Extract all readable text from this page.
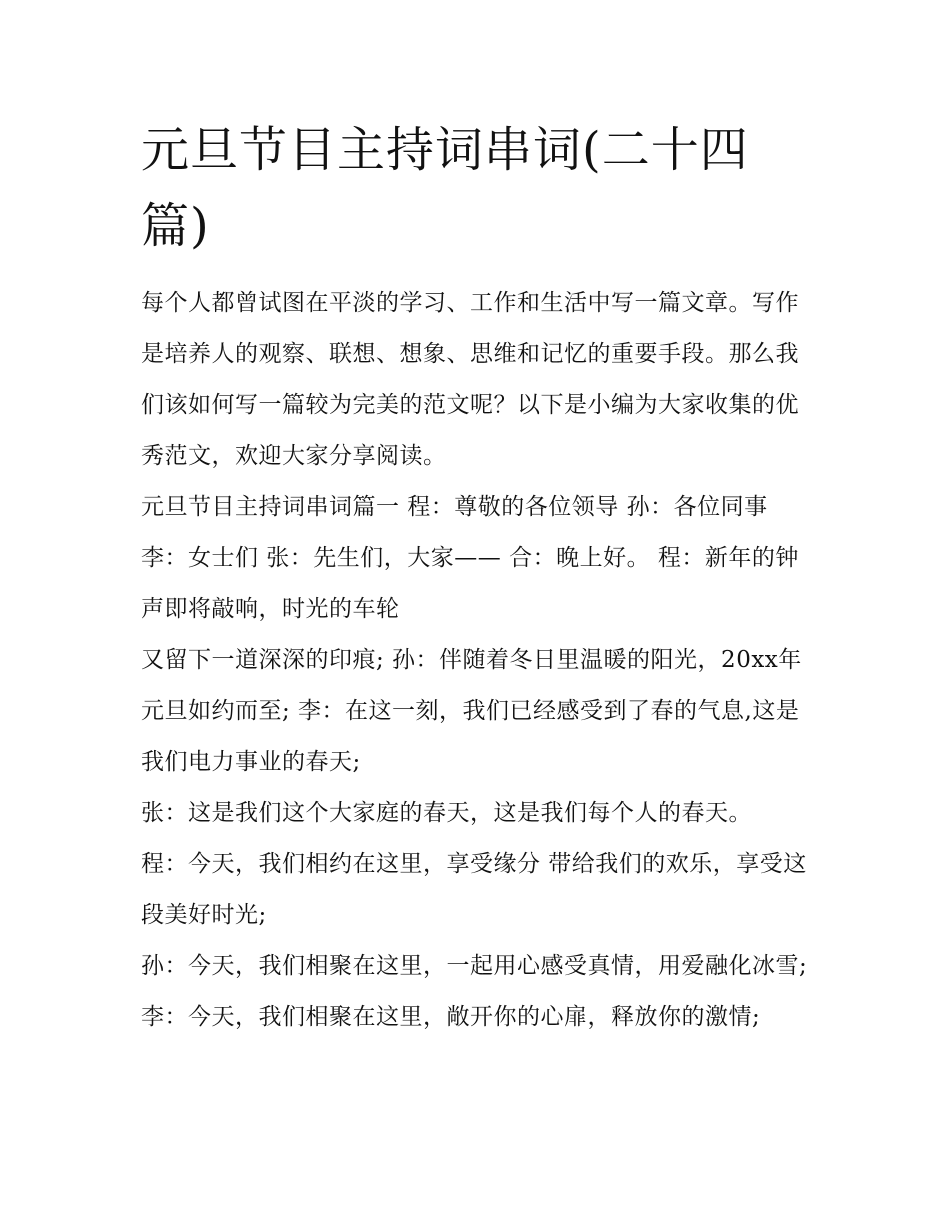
元旦节目主持词串词(二十四篇)

每个人都曾试图在平淡的学习、工作和生活中写一篇文章。写作是培养人的观察、联想、想象、思维和记忆的重要手段。那么我们该如何写一篇较为完美的范文呢？以下是小编为大家收集的优秀范文，欢迎大家分享阅读。

元旦节目主持词串词篇一 程：尊敬的各位领导 孙：各位同事 李：女士们 张：先生们，大家—— 合：晚上好。 程：新年的钟声即将敲响，时光的车轮

又留下一道深深的印痕; 孙：伴随着冬日里温暖的阳光，20xx年元旦如约而至; 李：在这一刻，我们已经感受到了春的气息,这是我们电力事业的春天;

张：这是我们这个大家庭的春天，这是我们每个人的春天。

程：今天，我们相约在这里，享受缘分 带给我们的欢乐，享受这段美好时光;

孙：今天，我们相聚在这里，一起用心感受真情，用爱融化冰雪; 李：今天，我们相聚在这里，敞开你的心扉，释放你的激情;
